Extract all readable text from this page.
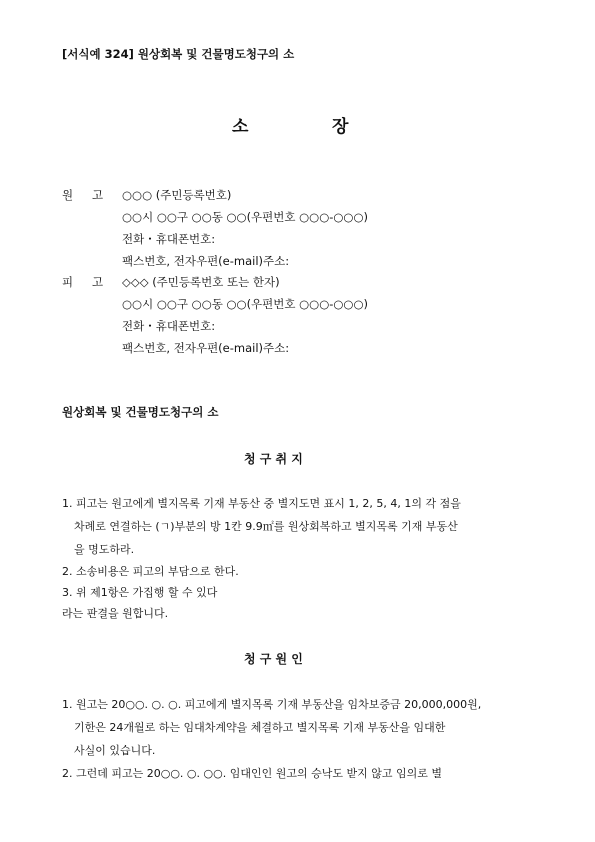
[서식예 324] 원상회복 및 건물명도청구의 소
소	장
원 고 ○○○ (주민등록번호)
○○시 ○○구 ○○동 ○○(우편번호 ○○○-○○○)
전화・휴대폰번호:
팩스번호, 전자우편(e-mail)주소:
피 고 ◇◇◇ (주민등록번호 또는 한자)
○○시 ○○구 ○○동 ○○(우편번호 ○○○-○○○)
전화・휴대폰번호:
팩스번호, 전자우편(e-mail)주소:
원상회복 및 건물명도청구의 소
청 구 취 지
1. 피고는 원고에게 별지목록 기재 부동산 중 별지도면 표시 1, 2, 5, 4, 1의 각 점을
차례로 연결하는 (ㄱ)부분의 방 1칸 9.9㎡를 원상회복하고 별지목록 기재 부동산
을 명도하라.
2. 소송비용은 피고의 부담으로 한다.
3. 위 제1항은 가집행 할 수 있다
라는 판결을 원합니다.
청 구 원 인
1. 원고는 20○○. ○. ○. 피고에게 별지목록 기재 부동산을 임차보증금 20,000,000원,
기한은 24개월로 하는 임대차계약을 체결하고 별지목록 기재 부동산을 임대한
사실이 있습니다.
2. 그런데 피고는 20○○. ○. ○○. 임대인인 원고의 승낙도 받지 않고 임의로 별
